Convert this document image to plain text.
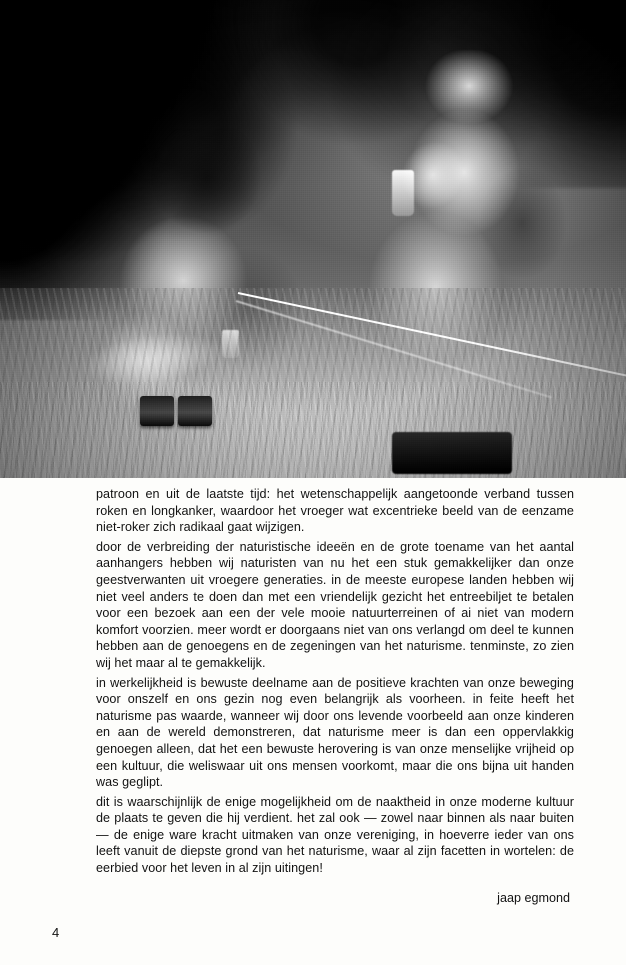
patroon en uit de laatste tijd: het wetenschappelijk aangetoonde verband tussen roken en longkanker, waardoor het vroeger wat excentrieke beeld van de eenzame niet-roker zich radikaal gaat wijzigen.

door de verbreiding der naturistische ideeën en de grote toename van het aantal aanhangers hebben wij naturisten van nu het een stuk gemakkelijker dan onze geestverwanten uit vroegere generaties. in de meeste europese landen hebben wij niet veel anders te doen dan met een vriendelijk gezicht het entreebiljet te betalen voor een bezoek aan een der vele mooie natuurterreinen of ai niet van modern komfort voorzien. meer wordt er doorgaans niet van ons verlangd om deel te kunnen hebben aan de genoegens en de zegeningen van het naturisme. tenminste, zo zien wij het maar al te gemakkelijk.

in werkelijkheid is bewuste deelname aan de positieve krachten van onze beweging voor onszelf en ons gezin nog even belangrijk als voorheen. in feite heeft het naturisme pas waarde, wanneer wij door ons levende voorbeeld aan onze kinderen en aan de wereld demonstreren, dat naturisme meer is dan een oppervlakkig genoegen alleen, dat het een bewuste herovering is van onze menselijke vrijheid op een kultuur, die weliswaar uit ons mensen voorkomt, maar die ons bijna uit handen was geglipt.

dit is waarschijnlijk de enige mogelijkheid om de naaktheid in onze moderne kultuur de plaats te geven die hij verdient. het zal ook — zowel naar binnen als naar buiten — de enige ware kracht uitmaken van onze vereniging, in hoeverre ieder van ons leeft vanuit de diepste grond van het naturisme, waar al zijn facetten in wortelen: de eerbied voor het leven in al zijn uitingen!

jaap egmond
4
